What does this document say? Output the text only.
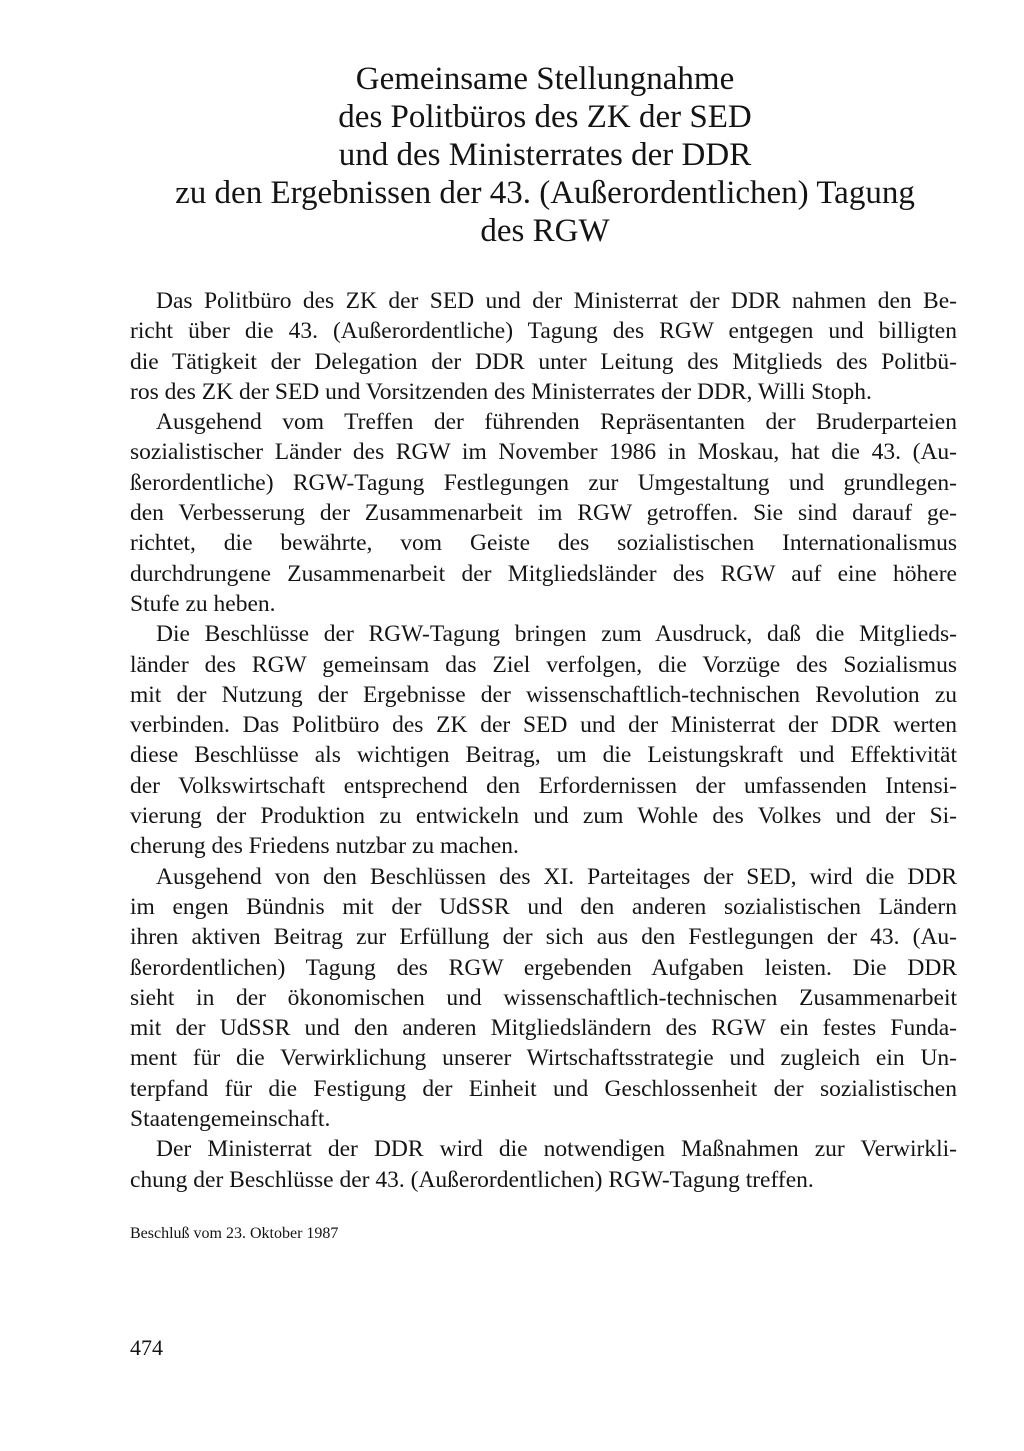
Gemeinsame Stellungnahme
des Politbüros des ZK der SED
und des Ministerrates der DDR
zu den Ergebnissen der 43. (Außerordentlichen) Tagung
des RGW
Das Politbüro des ZK der SED und der Ministerrat der DDR nahmen den Be-
richt über die 43. (Außerordentliche) Tagung des RGW entgegen und billigten
die Tätigkeit der Delegation der DDR unter Leitung des Mitglieds des Politbü-
ros des ZK der SED und Vorsitzenden des Ministerrates der DDR, Willi Stoph.
Ausgehend vom Treffen der führenden Repräsentanten der Bruderparteien
sozialistischer Länder des RGW im November 1986 in Moskau, hat die 43. (Au-
ßerordentliche) RGW-Tagung Festlegungen zur Umgestaltung und grundlegen-
den Verbesserung der Zusammenarbeit im RGW getroffen. Sie sind darauf ge-
richtet, die bewährte, vom Geiste des sozialistischen Internationalismus
durchdrungene Zusammenarbeit der Mitgliedsländer des RGW auf eine höhere
Stufe zu heben.
Die Beschlüsse der RGW-Tagung bringen zum Ausdruck, daß die Mitglieds-
länder des RGW gemeinsam das Ziel verfolgen, die Vorzüge des Sozialismus
mit der Nutzung der Ergebnisse der wissenschaftlich-technischen Revolution zu
verbinden. Das Politbüro des ZK der SED und der Ministerrat der DDR werten
diese Beschlüsse als wichtigen Beitrag, um die Leistungskraft und Effektivität
der Volkswirtschaft entsprechend den Erfordernissen der umfassenden Intensi-
vierung der Produktion zu entwickeln und zum Wohle des Volkes und der Si-
cherung des Friedens nutzbar zu machen.
Ausgehend von den Beschlüssen des XI. Parteitages der SED, wird die DDR
im engen Bündnis mit der UdSSR und den anderen sozialistischen Ländern
ihren aktiven Beitrag zur Erfüllung der sich aus den Festlegungen der 43. (Au-
ßerordentlichen) Tagung des RGW ergebenden Aufgaben leisten. Die DDR
sieht in der ökonomischen und wissenschaftlich-technischen Zusammenarbeit
mit der UdSSR und den anderen Mitgliedsländern des RGW ein festes Funda-
ment für die Verwirklichung unserer Wirtschaftsstrategie und zugleich ein Un-
terpfand für die Festigung der Einheit und Geschlossenheit der sozialistischen
Staatengemeinschaft.
Der Ministerrat der DDR wird die notwendigen Maßnahmen zur Verwirkli-
chung der Beschlüsse der 43. (Außerordentlichen) RGW-Tagung treffen.
Beschluß vom 23. Oktober 1987
474
